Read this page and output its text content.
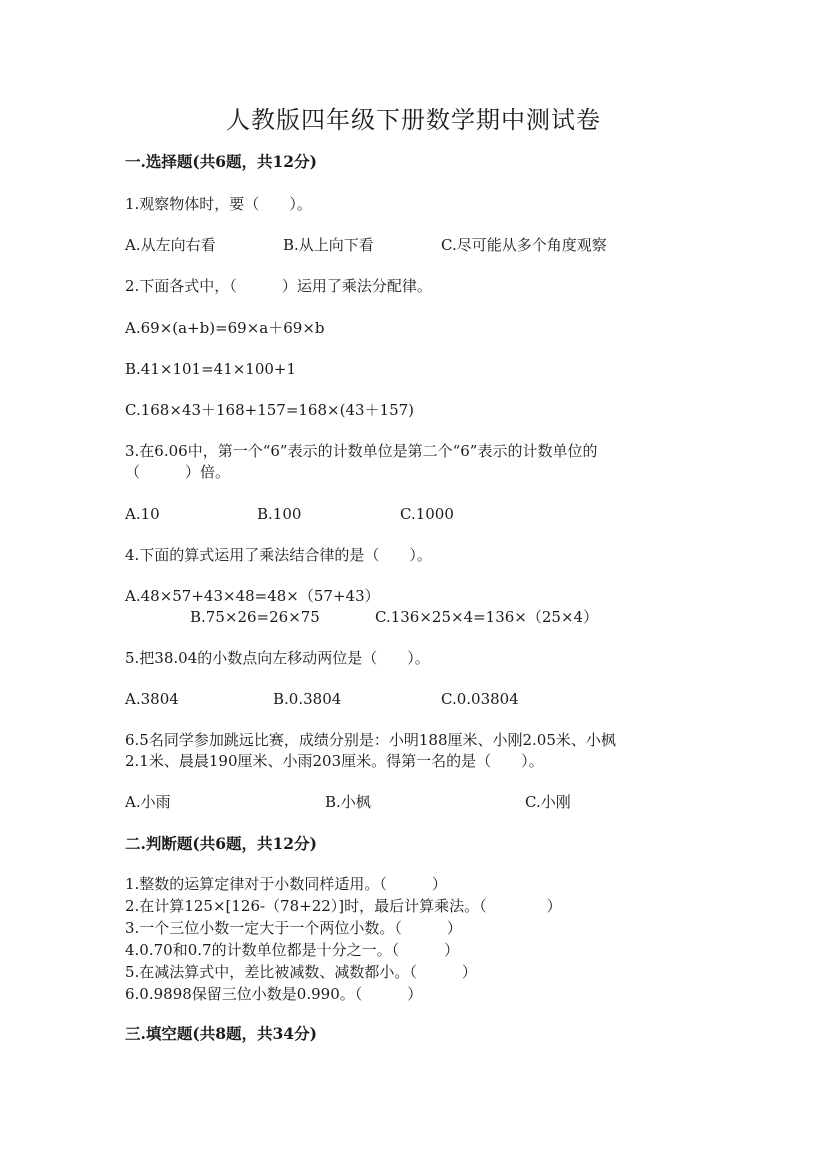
人教版四年级下册数学期中测试卷
一.选择题(共6题，共12分)
1.观察物体时，要（　　）。
A.从左向右看	B.从上向下看	C.尽可能从多个角度观察
2.下面各式中，（　　　）运用了乘法分配律。
A.69×(a+b)=69×a＋69×b
B.41×101=41×100+1
C.168×43＋168+157=168×(43＋157)
3.在6.06中，第一个“6”表示的计数单位是第二个“6”表示的计数单位的
（　　　）倍。
A.10	B.100	C.1000
4.下面的算式运用了乘法结合律的是（　　）。
A.48×57+43×48=48×（57+43）
B.75×26=26×75	C.136×25×4=136×（25×4）
5.把38.04的小数点向左移动两位是（　　）。
A.3804	B.0.3804	C.0.03804
6.5名同学参加跳远比赛，成绩分别是：小明188厘米、小刚2.05米、小枫
2.1米、晨晨190厘米、小雨203厘米。得第一名的是（　　）。
A.小雨	B.小枫	C.小刚
二.判断题(共6题，共12分)
1.整数的运算定律对于小数同样适用。（　　　）
2.在计算125×[126-（78+22）]时，最后计算乘法。（　　　　）
3.一个三位小数一定大于一个两位小数。（　　　）
4.0.70和0.7的计数单位都是十分之一。（　　　）
5.在减法算式中，差比被减数、减数都小。（　　　）
6.0.9898保留三位小数是0.990。（　　　）
三.填空题(共8题，共34分)
